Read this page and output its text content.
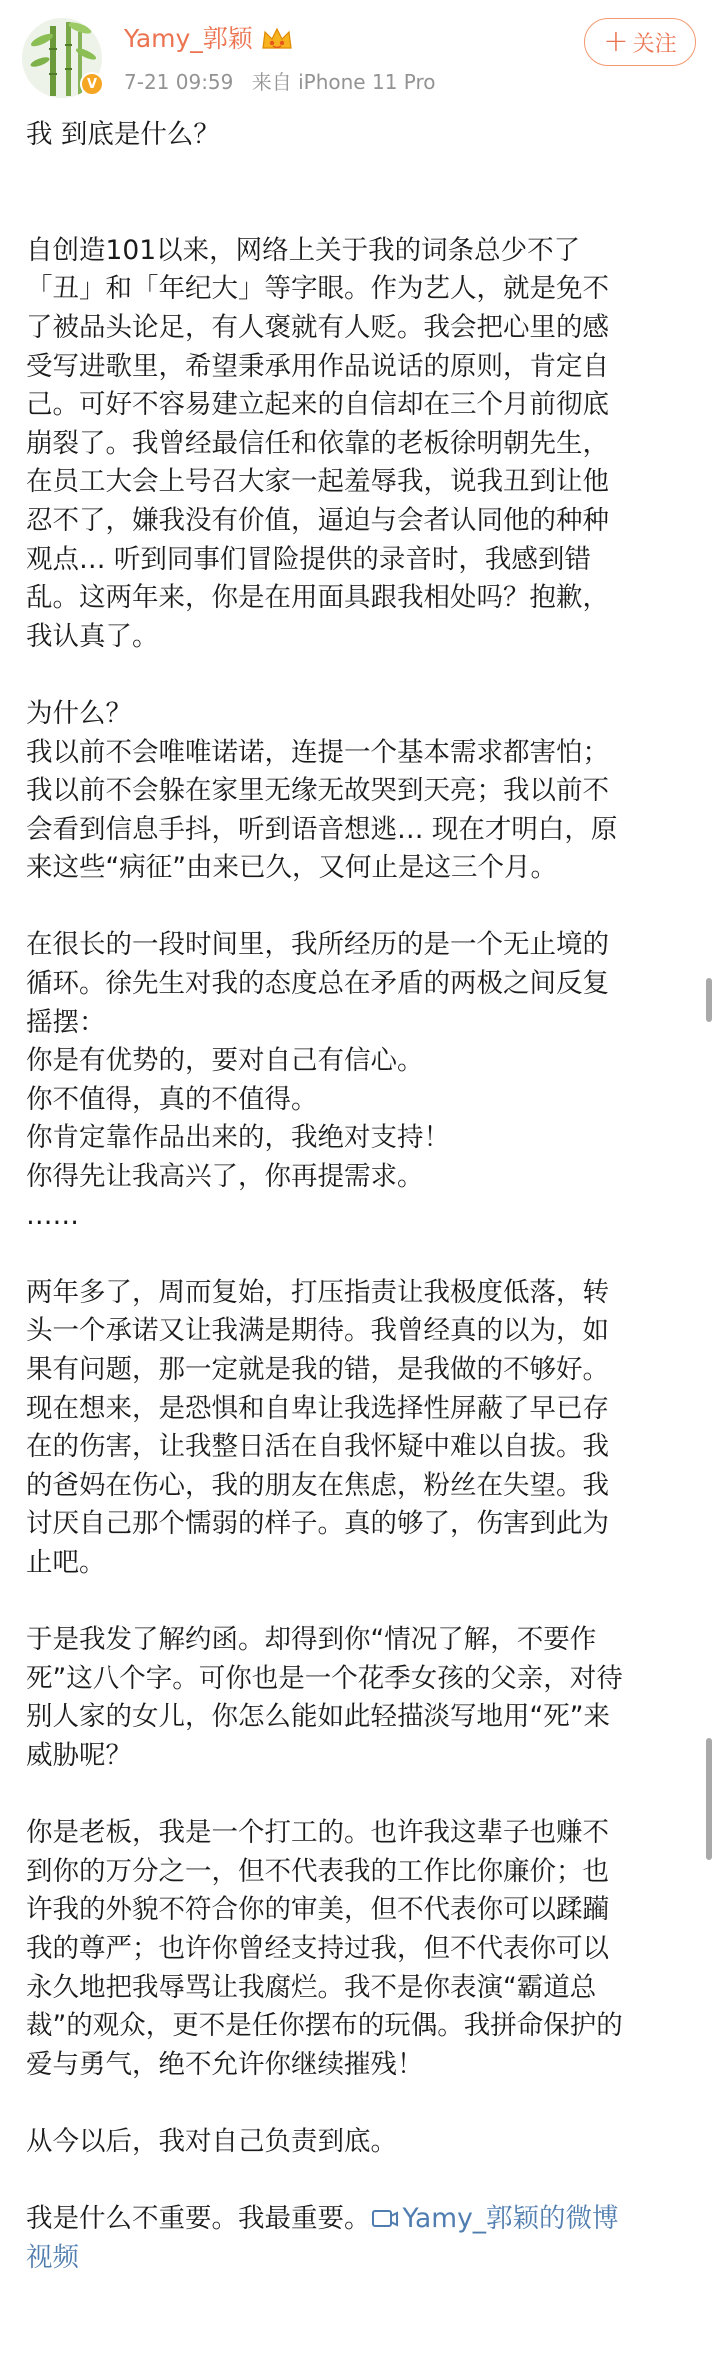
V
Yamy_郭颖
7-21 09:59 来自 iPhone 11 Pro
+ 关注
我 到底是什么？
自创造101以来，网络上关于我的词条总少不了
「丑」和「年纪大」等字眼。作为艺人，就是免不
了被品头论足，有人褒就有人贬。我会把心里的感
受写进歌里，希望秉承用作品说话的原则，肯定自
己。可好不容易建立起来的自信却在三个月前彻底
崩裂了。我曾经最信任和依靠的老板徐明朝先生，
在员工大会上号召大家一起羞辱我，说我丑到让他
忍不了，嫌我没有价值，逼迫与会者认同他的种种
观点… 听到同事们冒险提供的录音时，我感到错
乱。这两年来，你是在用面具跟我相处吗？抱歉，
我认真了。
为什么？
我以前不会唯唯诺诺，连提一个基本需求都害怕；
我以前不会躲在家里无缘无故哭到天亮；我以前不
会看到信息手抖，听到语音想逃… 现在才明白，原
来这些“病征”由来已久，又何止是这三个月。
在很长的一段时间里，我所经历的是一个无止境的
循环。徐先生对我的态度总在矛盾的两极之间反复
摇摆：
你是有优势的，要对自己有信心。
你不值得，真的不值得。
你肯定靠作品出来的，我绝对支持！
你得先让我高兴了，你再提需求。
……
两年多了，周而复始，打压指责让我极度低落，转
头一个承诺又让我满是期待。我曾经真的以为，如
果有问题，那一定就是我的错，是我做的不够好。
现在想来，是恐惧和自卑让我选择性屏蔽了早已存
在的伤害，让我整日活在自我怀疑中难以自拔。我
的爸妈在伤心，我的朋友在焦虑，粉丝在失望。我
讨厌自己那个懦弱的样子。真的够了，伤害到此为
止吧。
于是我发了解约函。却得到你“情况了解，不要作
死”这八个字。可你也是一个花季女孩的父亲，对待
别人家的女儿，你怎么能如此轻描淡写地用“死”来
威胁呢？
你是老板，我是一个打工的。也许我这辈子也赚不
到你的万分之一，但不代表我的工作比你廉价；也
许我的外貌不符合你的审美，但不代表你可以蹂躏
我的尊严；也许你曾经支持过我，但不代表你可以
永久地把我辱骂让我腐烂。我不是你表演“霸道总
裁”的观众，更不是任你摆布的玩偶。我拼命保护的
爱与勇气，绝不允许你继续摧残！
从今以后，我对自己负责到底。
我是什么不重要。我最重要。 Yamy_郭颖的微博
视频
